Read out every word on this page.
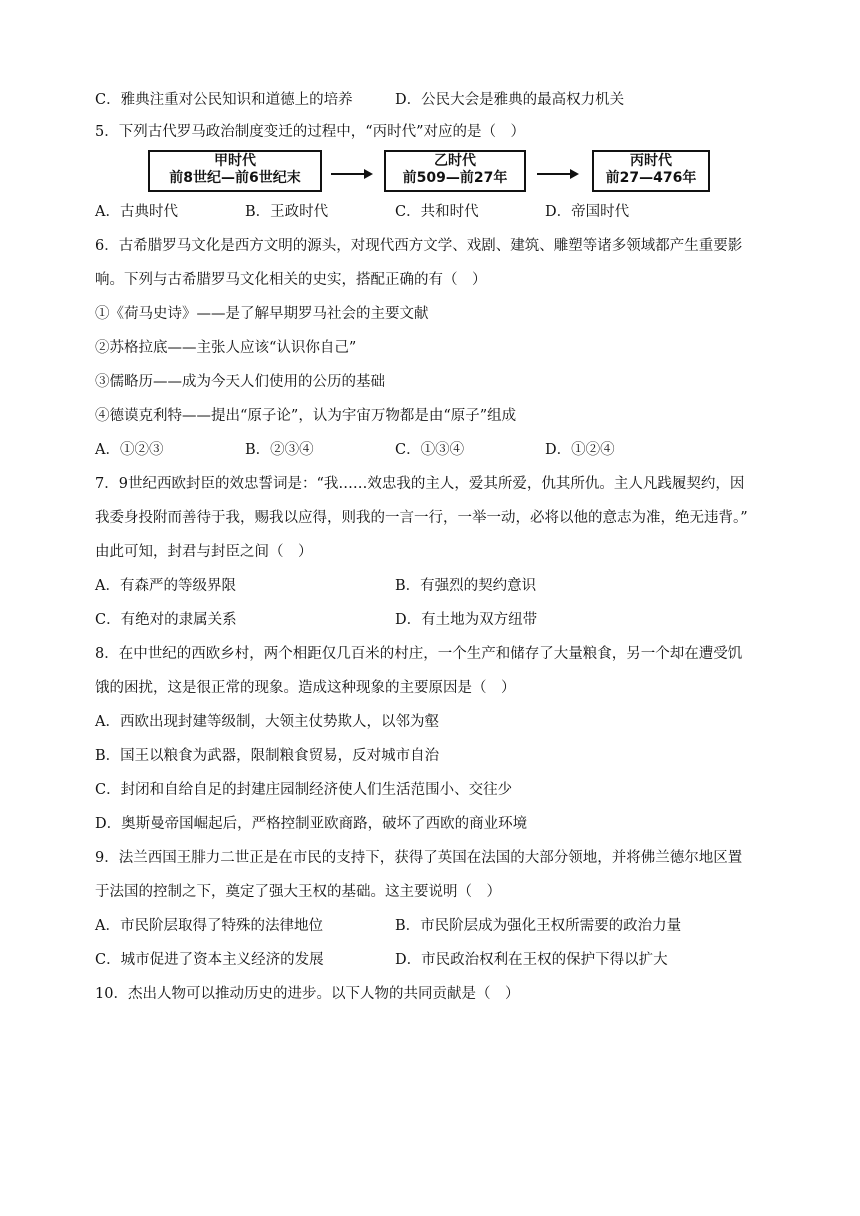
C．雅典注重对公民知识和道德上的培养	D．公民大会是雅典的最高权力机关
5．下列古代罗马政治制度变迁的过程中，“丙时代”对应的是（　）
甲时代
前8世纪—前6世纪末
乙时代
前509—前27年
丙时代
前27—476年
A．古典时代	B．王政时代	C．共和时代	D．帝国时代
6．古希腊罗马文化是西方文明的源头，对现代西方文学、戏剧、建筑、雕塑等诸多领域都产生重要影
响。下列与古希腊罗马文化相关的史实，搭配正确的有（　）
①《荷马史诗》——是了解早期罗马社会的主要文献
②苏格拉底——主张人应该“认识你自己”
③儒略历——成为今天人们使用的公历的基础
④德谟克利特——提出“原子论”，认为宇宙万物都是由“原子”组成
A．①②③	B．②③④	C．①③④	D．①②④
7．9世纪西欧封臣的效忠誓词是：“我……效忠我的主人，爱其所爱，仇其所仇。主人凡践履契约，因
我委身投附而善待于我，赐我以应得，则我的一言一行，一举一动，必将以他的意志为准，绝无违背。”
由此可知，封君与封臣之间（　）
A．有森严的等级界限	B．有强烈的契约意识
C．有绝对的隶属关系	D．有土地为双方纽带
8．在中世纪的西欧乡村，两个相距仅几百米的村庄，一个生产和储存了大量粮食，另一个却在遭受饥
饿的困扰，这是很正常的现象。造成这种现象的主要原因是（　）
A．西欧出现封建等级制，大领主仗势欺人，以邻为壑
B．国王以粮食为武器，限制粮食贸易，反对城市自治
C．封闭和自给自足的封建庄园制经济使人们生活范围小、交往少
D．奥斯曼帝国崛起后，严格控制亚欧商路，破坏了西欧的商业环境
9．法兰西国王腓力二世正是在市民的支持下，获得了英国在法国的大部分领地，并将佛兰德尔地区置
于法国的控制之下，奠定了强大王权的基础。这主要说明（　）
A．市民阶层取得了特殊的法律地位	B．市民阶层成为强化王权所需要的政治力量
C．城市促进了资本主义经济的发展	D．市民政治权利在王权的保护下得以扩大
10．杰出人物可以推动历史的进步。以下人物的共同贡献是（　）
